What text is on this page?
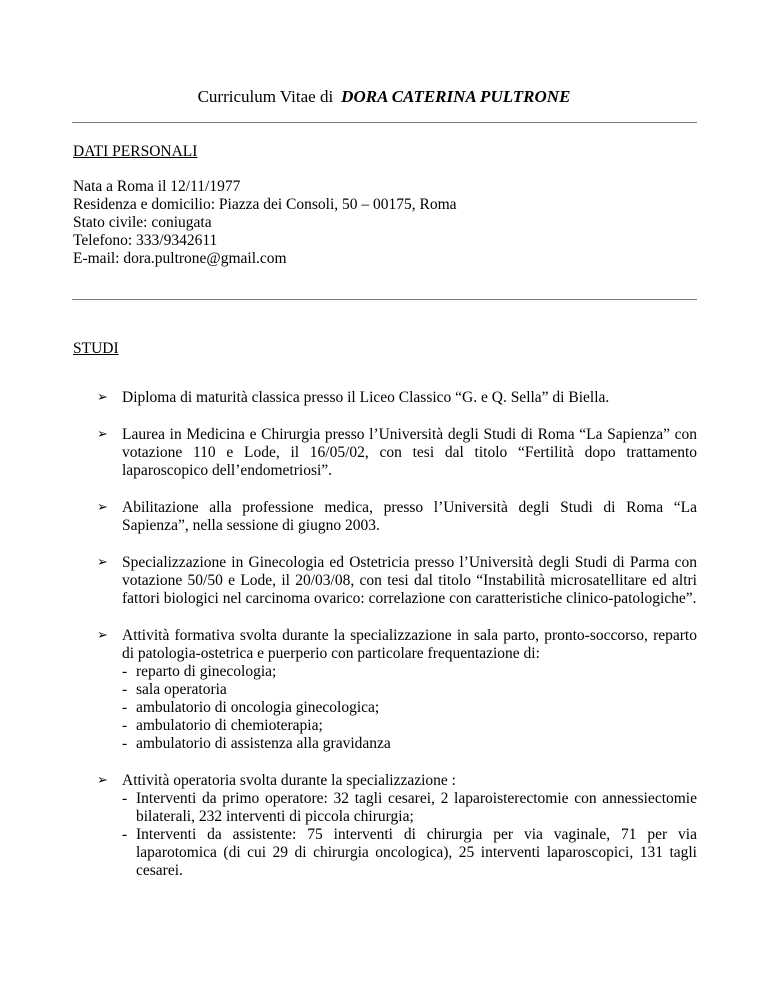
Curriculum Vitae di DORA CATERINA PULTRONE
DATI PERSONALI
Nata a Roma il 12/11/1977
Residenza e domicilio: Piazza dei Consoli, 50 – 00175, Roma
Stato civile: coniugata
Telefono: 333/9342611
E-mail: dora.pultrone@gmail.com
STUDI
➢ Diploma di maturità classica presso il Liceo Classico “G. e Q. Sella” di Biella.
➢ Laurea in Medicina e Chirurgia presso l’Università degli Studi di Roma “La Sapienza” con votazione 110 e Lode, il 16/05/02, con tesi dal titolo “Fertilità dopo trattamento laparoscopico dell’endometriosi”.
➢ Abilitazione alla professione medica, presso l’Università degli Studi di Roma “La Sapienza”, nella sessione di giugno 2003.
➢ Specializzazione in Ginecologia ed Ostetricia presso l’Università degli Studi di Parma con votazione 50/50 e Lode, il 20/03/08, con tesi dal titolo “Instabilità microsatellitare ed altri fattori biologici nel carcinoma ovarico: correlazione con caratteristiche clinico-patologiche”.
➢ Attività formativa svolta durante la specializzazione in sala parto, pronto-soccorso, reparto di patologia-ostetrica e puerperio con particolare frequentazione di:
- reparto di ginecologia;
- sala operatoria
- ambulatorio di oncologia ginecologica;
- ambulatorio di chemioterapia;
- ambulatorio di assistenza alla gravidanza
➢ Attività operatoria svolta durante la specializzazione :
- Interventi da primo operatore: 32 tagli cesarei, 2 laparoisterectomie con annessiectomie bilaterali, 232 interventi di piccola chirurgia;
- Interventi da assistente: 75 interventi di chirurgia per via vaginale, 71 per via laparotomica (di cui 29 di chirurgia oncologica), 25 interventi laparoscopici, 131 tagli cesarei.
